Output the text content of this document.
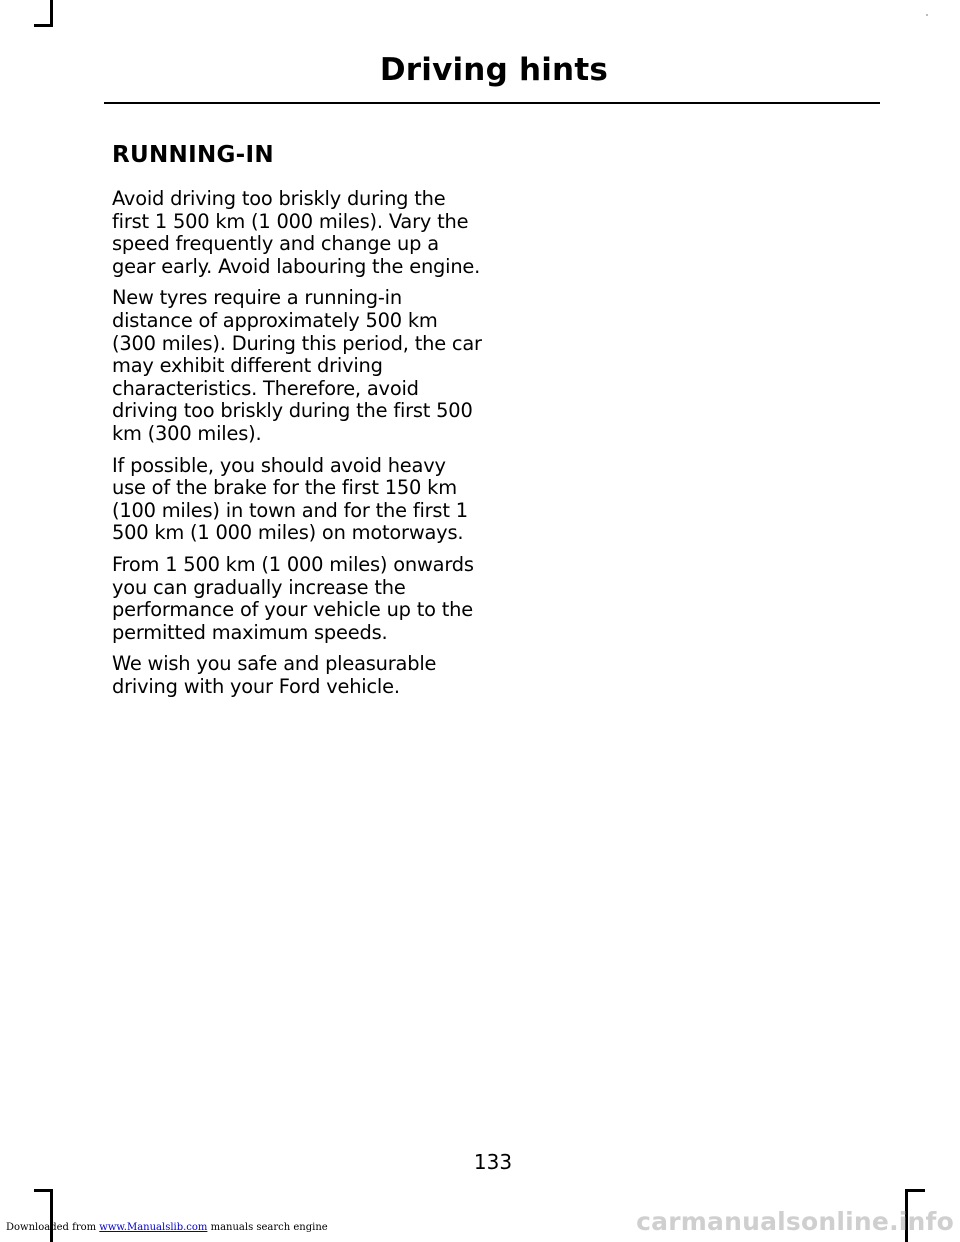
Driving hints
RUNNING-IN

Avoid driving too briskly during the first 1 500 km (1 000 miles). Vary the speed frequently and change up a gear early. Avoid labouring the engine.

New tyres require a running-in distance of approximately 500 km (300 miles). During this period, the car may exhibit different driving characteristics. Therefore, avoid driving too briskly during the first 500 km (300 miles).

If possible, you should avoid heavy use of the brake for the first 150 km (100 miles) in town and for the first 1 500 km (1 000 miles) on motorways.

From 1 500 km (1 000 miles) onwards you can gradually increase the performance of your vehicle up to the permitted maximum speeds.

We wish you safe and pleasurable driving with your Ford vehicle.

133
Downloaded from www.Manualslib.com manuals search engine	carmanualsonline.info
